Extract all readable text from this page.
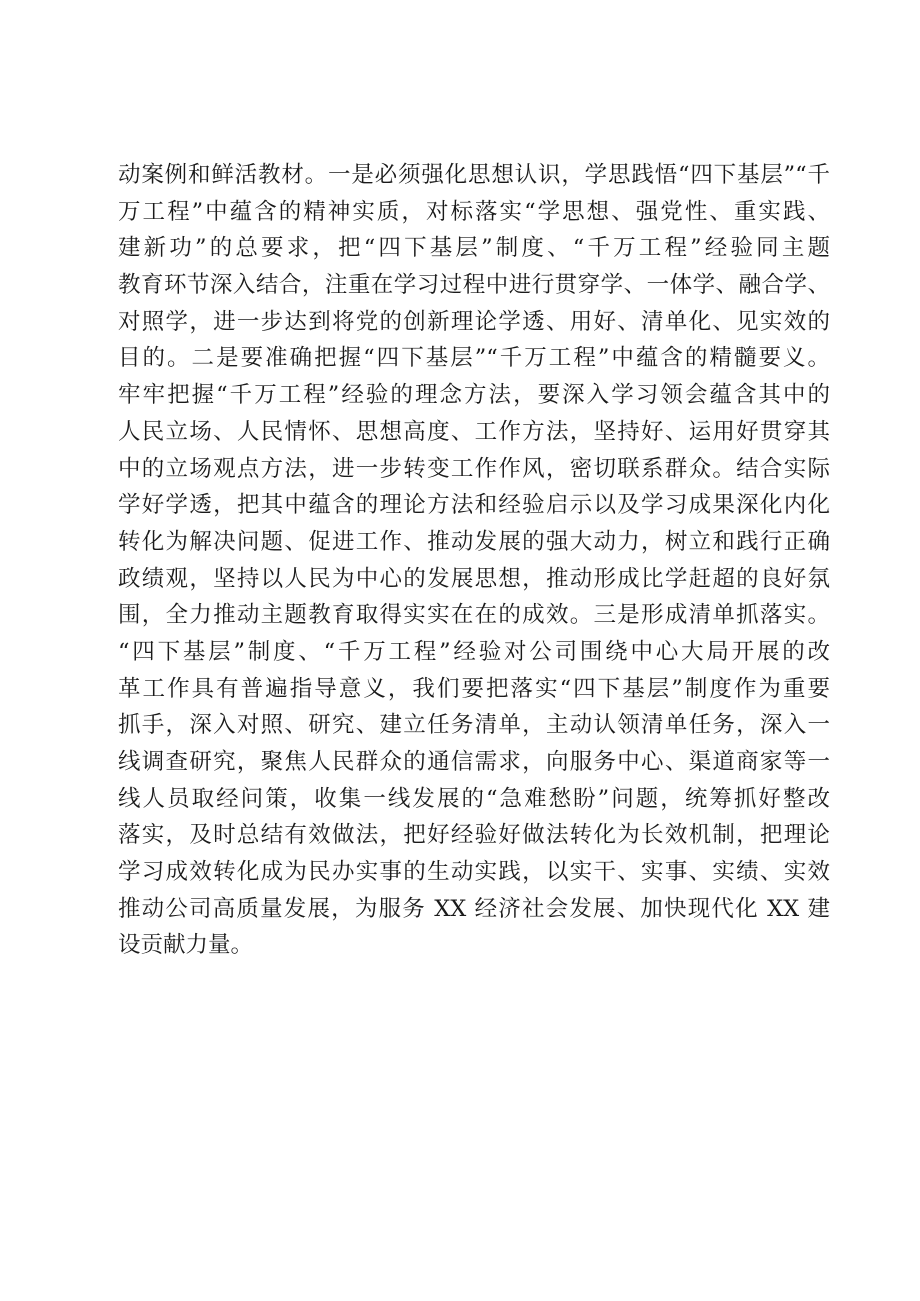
动案例和鲜活教材。一是必须强化思想认识，学思践悟“四下基层”“千
万工程”中蕴含的精神实质，对标落实“学思想、强党性、重实践、
建新功”的总要求，把“四下基层”制度、“千万工程”经验同主题
教育环节深入结合，注重在学习过程中进行贯穿学、一体学、融合学、
对照学，进一步达到将党的创新理论学透、用好、清单化、见实效的
目的。二是要准确把握“四下基层”“千万工程”中蕴含的精髓要义。
牢牢把握“千万工程”经验的理念方法，要深入学习领会蕴含其中的
人民立场、人民情怀、思想高度、工作方法，坚持好、运用好贯穿其
中的立场观点方法，进一步转变工作作风，密切联系群众。结合实际
学好学透，把其中蕴含的理论方法和经验启示以及学习成果深化内化
转化为解决问题、促进工作、推动发展的强大动力，树立和践行正确
政绩观，坚持以人民为中心的发展思想，推动形成比学赶超的良好氛
围，全力推动主题教育取得实实在在的成效。三是形成清单抓落实。
“四下基层”制度、“千万工程”经验对公司围绕中心大局开展的改
革工作具有普遍指导意义，我们要把落实“四下基层”制度作为重要
抓手，深入对照、研究、建立任务清单，主动认领清单任务，深入一
线调查研究，聚焦人民群众的通信需求，向服务中心、渠道商家等一
线人员取经问策，收集一线发展的“急难愁盼”问题，统筹抓好整改
落实，及时总结有效做法，把好经验好做法转化为长效机制，把理论
学习成效转化成为民办实事的生动实践，以实干、实事、实绩、实效
推动公司高质量发展，为服务 XX 经济社会发展、加快现代化 XX 建
设贡献力量。
